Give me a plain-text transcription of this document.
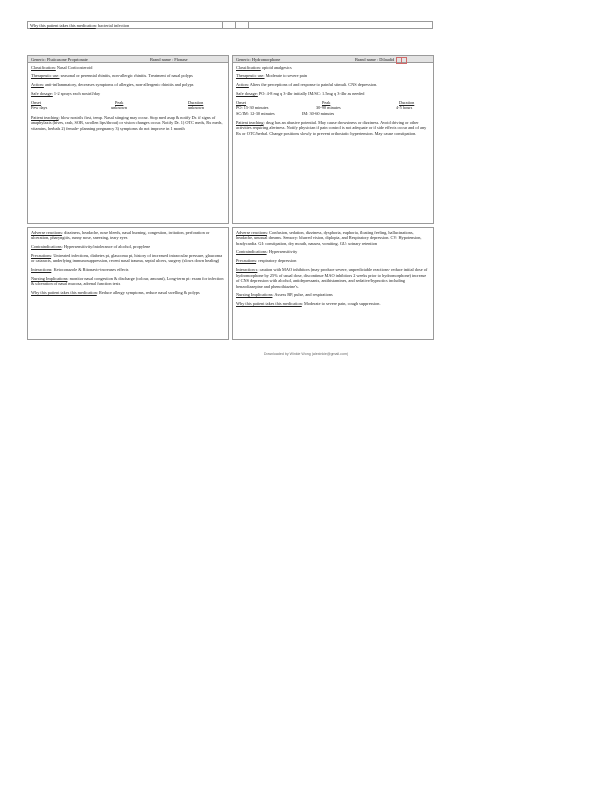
Why this patient takes this medication: bacterial infection
Generic: Fluticasone Proprionate	Brand name : Flonase

Classification: Nasal Corticosteroid

Therapeutic use: seasonal or perennial rhinitis, non-allergic rhinitis. Treatment of nasal polyps

Action: anti-inflammatory, decreases symptoms of allergies, non-allergenic rhinitis and polyps

Safe dosage: 1-2 sprays each nostril/day

Onset	Peak	Duration
Few days	unknown	unknown

Patient teaching: blow nostrils first, temp. Nasal stinging may occur. Stop med asap & notify Dr. if signs of anaphylaxis (hives, rash, SOB, swollen lips/throat) or vision changes occur. Notify Dr. 1) OTC meds, Rx meds, vitamins, herbals 2) female- planning pregnancy 3) symptoms do not improve in 1 month

Adverse reactions: dizziness, headache, nose bleeds, nasal burning, congestion, irritation, perforation or ulceration, pharyngitis, runny nose, sneezing, teary eyes

Contraindications: Hypersensitivity/intolerance of alcohol, propylene

Precautions: Untreated infections, diabetes pt, glaucoma pt, history of increased intraocular pressure, glaucoma or cataracts, underlying immunosuppression, recent nasal trauma, septal ulcers, surgery (slows down healing)

Interactions: Ketoconazole & Ritonavir-increases effects

Nursing Implications: monitor nasal congestion & discharge (colour, amount), Long-term pt: exam for infection & ulceration of nasal mucosa, adrenal function tests

Why this patient takes this medication: Reduce allergy symptoms, reduce nasal swelling & polyps

Generic: Hydromorphone	Brand name : Dilaudid

Classification: opioid analgesics

Therapeutic use: Moderate to severe pain

Action: Alters the perceptions of and response to painful stimuli. CNS depression.

Safe dosage: PO: 4-8 mg q 3-4hr initially IM/SC: 1.5mg q 3-4hr as needed

Onset	Peak	Duration
PO: 15-30 minutes	30-90 minutes	4-5 hours
SC/IM: 12-30 minutes	IM: 30-60 minutes

Patient teaching: drug has an abusive potential. May cause drowsiness or dizziness. Avoid driving or other activities requiring alertness. Notify physician if pain control is not adequate or if side effects occur and of any Rx or OTC/herbal. Change positions slowly to prevent orthostatic hypertension. May cause constipation.

Adverse reactions: Confusion, sedation, dizziness, dysphoria, euphoria, floating feeling, hallucinations, headache, unusual dreams. Sensory: blurred vision, diplopia, and Respiratory depression. CV: Hypotension, bradycardia. GI: constipation, dry mouth, nausea, vomiting. GU: urinary retention

Contraindications: Hypersensitivity

Precautions: respiratory depression

Interaction s: caution with MAO inhibitors (may produce severe, unpredictable reactions- reduce initial dose of hydromorphone by 25% of usual dose, discontinue MAO inhibitors 2 weeks prior to hydromorphone) increase of CNS depression with alcohol, antidepressants, antihistamines, and sedative/hypnotics including benzodiazepine and phenothiazine's.

Nursing Implications: Assess BP, pulse, and respirations

Why this patient takes this medication: Moderate to severe pain, cough suppression.

Downloaded by Winkie Wong (alexinkie@gmail.com)
